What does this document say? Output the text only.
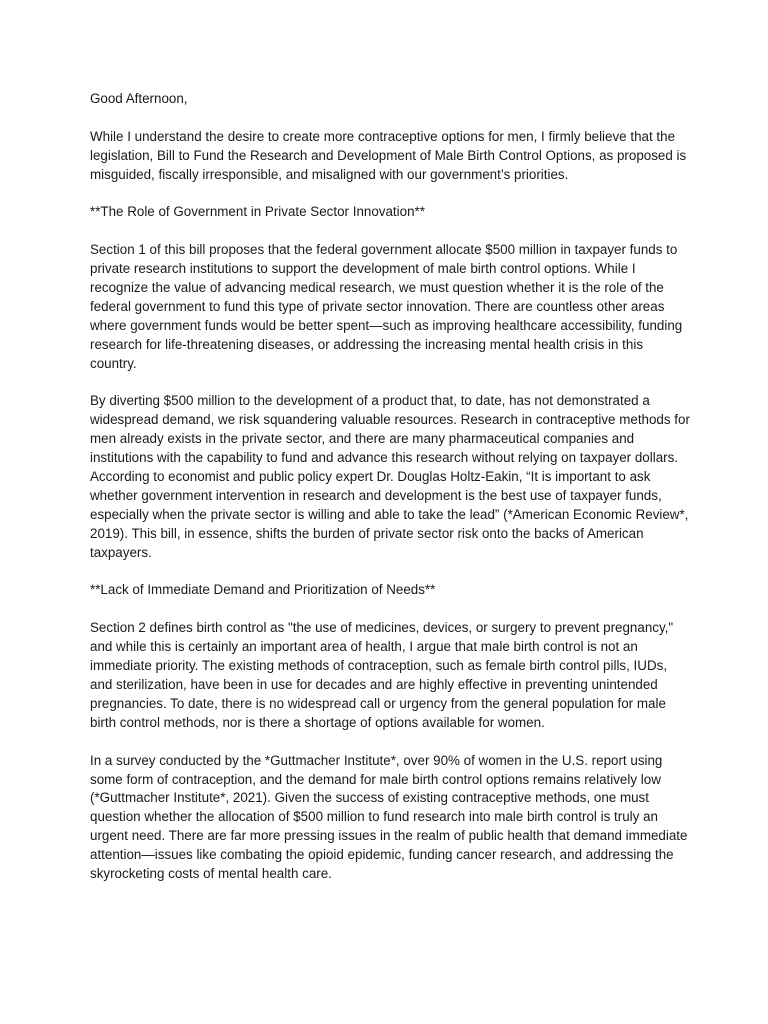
Good Afternoon,

While I understand the desire to create more contraceptive options for men, I firmly believe that the legislation, Bill to Fund the Research and Development of Male Birth Control Options, as proposed is misguided, fiscally irresponsible, and misaligned with our government’s priorities.

**The Role of Government in Private Sector Innovation**

Section 1 of this bill proposes that the federal government allocate $500 million in taxpayer funds to private research institutions to support the development of male birth control options. While I recognize the value of advancing medical research, we must question whether it is the role of the federal government to fund this type of private sector innovation. There are countless other areas where government funds would be better spent—such as improving healthcare accessibility, funding research for life-threatening diseases, or addressing the increasing mental health crisis in this country.

By diverting $500 million to the development of a product that, to date, has not demonstrated a widespread demand, we risk squandering valuable resources. Research in contraceptive methods for men already exists in the private sector, and there are many pharmaceutical companies and institutions with the capability to fund and advance this research without relying on taxpayer dollars. According to economist and public policy expert Dr. Douglas Holtz-Eakin, “It is important to ask whether government intervention in research and development is the best use of taxpayer funds, especially when the private sector is willing and able to take the lead” (*American Economic Review*, 2019). This bill, in essence, shifts the burden of private sector risk onto the backs of American taxpayers.

**Lack of Immediate Demand and Prioritization of Needs**

Section 2 defines birth control as "the use of medicines, devices, or surgery to prevent pregnancy," and while this is certainly an important area of health, I argue that male birth control is not an immediate priority. The existing methods of contraception, such as female birth control pills, IUDs, and sterilization, have been in use for decades and are highly effective in preventing unintended pregnancies. To date, there is no widespread call or urgency from the general population for male birth control methods, nor is there a shortage of options available for women.

In a survey conducted by the *Guttmacher Institute*, over 90% of women in the U.S. report using some form of contraception, and the demand for male birth control options remains relatively low (*Guttmacher Institute*, 2021). Given the success of existing contraceptive methods, one must question whether the allocation of $500 million to fund research into male birth control is truly an urgent need. There are far more pressing issues in the realm of public health that demand immediate attention—issues like combating the opioid epidemic, funding cancer research, and addressing the skyrocketing costs of mental health care.
